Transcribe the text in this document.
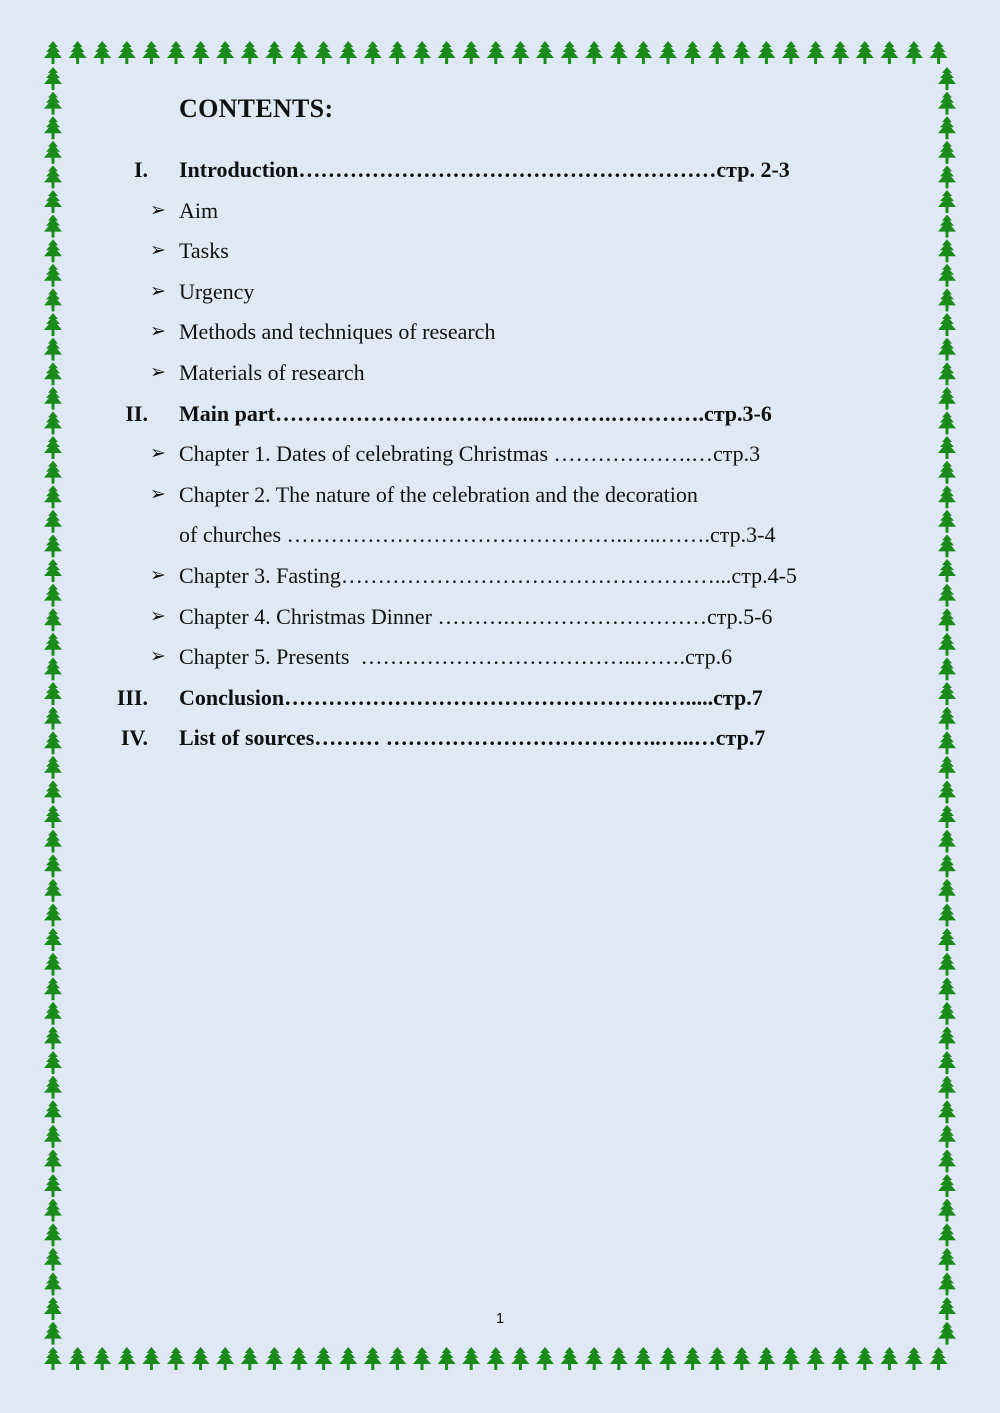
CONTENTS:
I. Introduction…………………………………………………стр. 2-3
➢ Aim
➢ Tasks
➢ Urgency
➢ Methods and techniques of research
➢ Materials of research
II. Main part……………………………....……….………….стр.3-6
➢ Chapter 1. Dates of celebrating Christmas ……………….…стр.3
➢ Chapter 2. The nature of the celebration and the decoration
of churches ………………………………………..…..…….стр.3-4
➢ Chapter 3. Fasting……………………………………………...стр.4-5
➢ Chapter 4. Christmas Dinner ……….………………………стр.5-6
➢ Chapter 5. Presents  ………………………………..…….стр.6
III. Conclusion…………………………………………….….....стр.7
IV. List of sources……… ………………………………..…..…стр.7
1
